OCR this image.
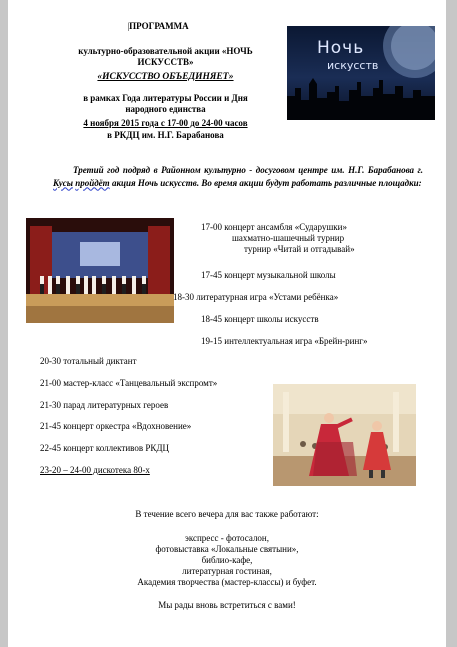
|ПРОГРАММА
культурно-образовательной акции «НОЧЬ
ИСКУССТВ»
«ИСКУССТВО ОБЪЕДИНЯЕТ»
в рамках Года литературы России и Дня
народного единства
4 ноября 2015 года с 17-00 до 24-00 часов
в РКДЦ им. Н.Г. Барабанова
Ночь
искусств
Третий год подряд в Районном культурно - досуговом центре им. Н.Г. Барабанова г. Кусы пройдёт акция Ночь искусств. Во время акции будут работать различные площадки:
17-00 концерт ансамбля «Сударушки»
шахматно-шашечный турнир
турнир «Читай и отгадывай»
17-45 концерт музыкальной школы
18-30 литературная игра «Устами ребёнка»
18-45 концерт школы искусств
19-15 интеллектуальная игра «Брейн-ринг»
20-30 тотальный диктант
21-00 мастер-класс «Танцевальный экспромт»
21-30 парад литературных героев
21-45 концерт оркестра «Вдохновение»
22-45 концерт коллективов РКДЦ
23-20 – 24-00 дискотека 80-х
В течение всего вечера для вас также работают:
экспресс - фотосалон,
фотовыставка «Локальные святыни»,
библио-кафе,
литературная гостиная,
Академия творчества (мастер-классы) и буфет.
Мы рады вновь встретиться с вами!
